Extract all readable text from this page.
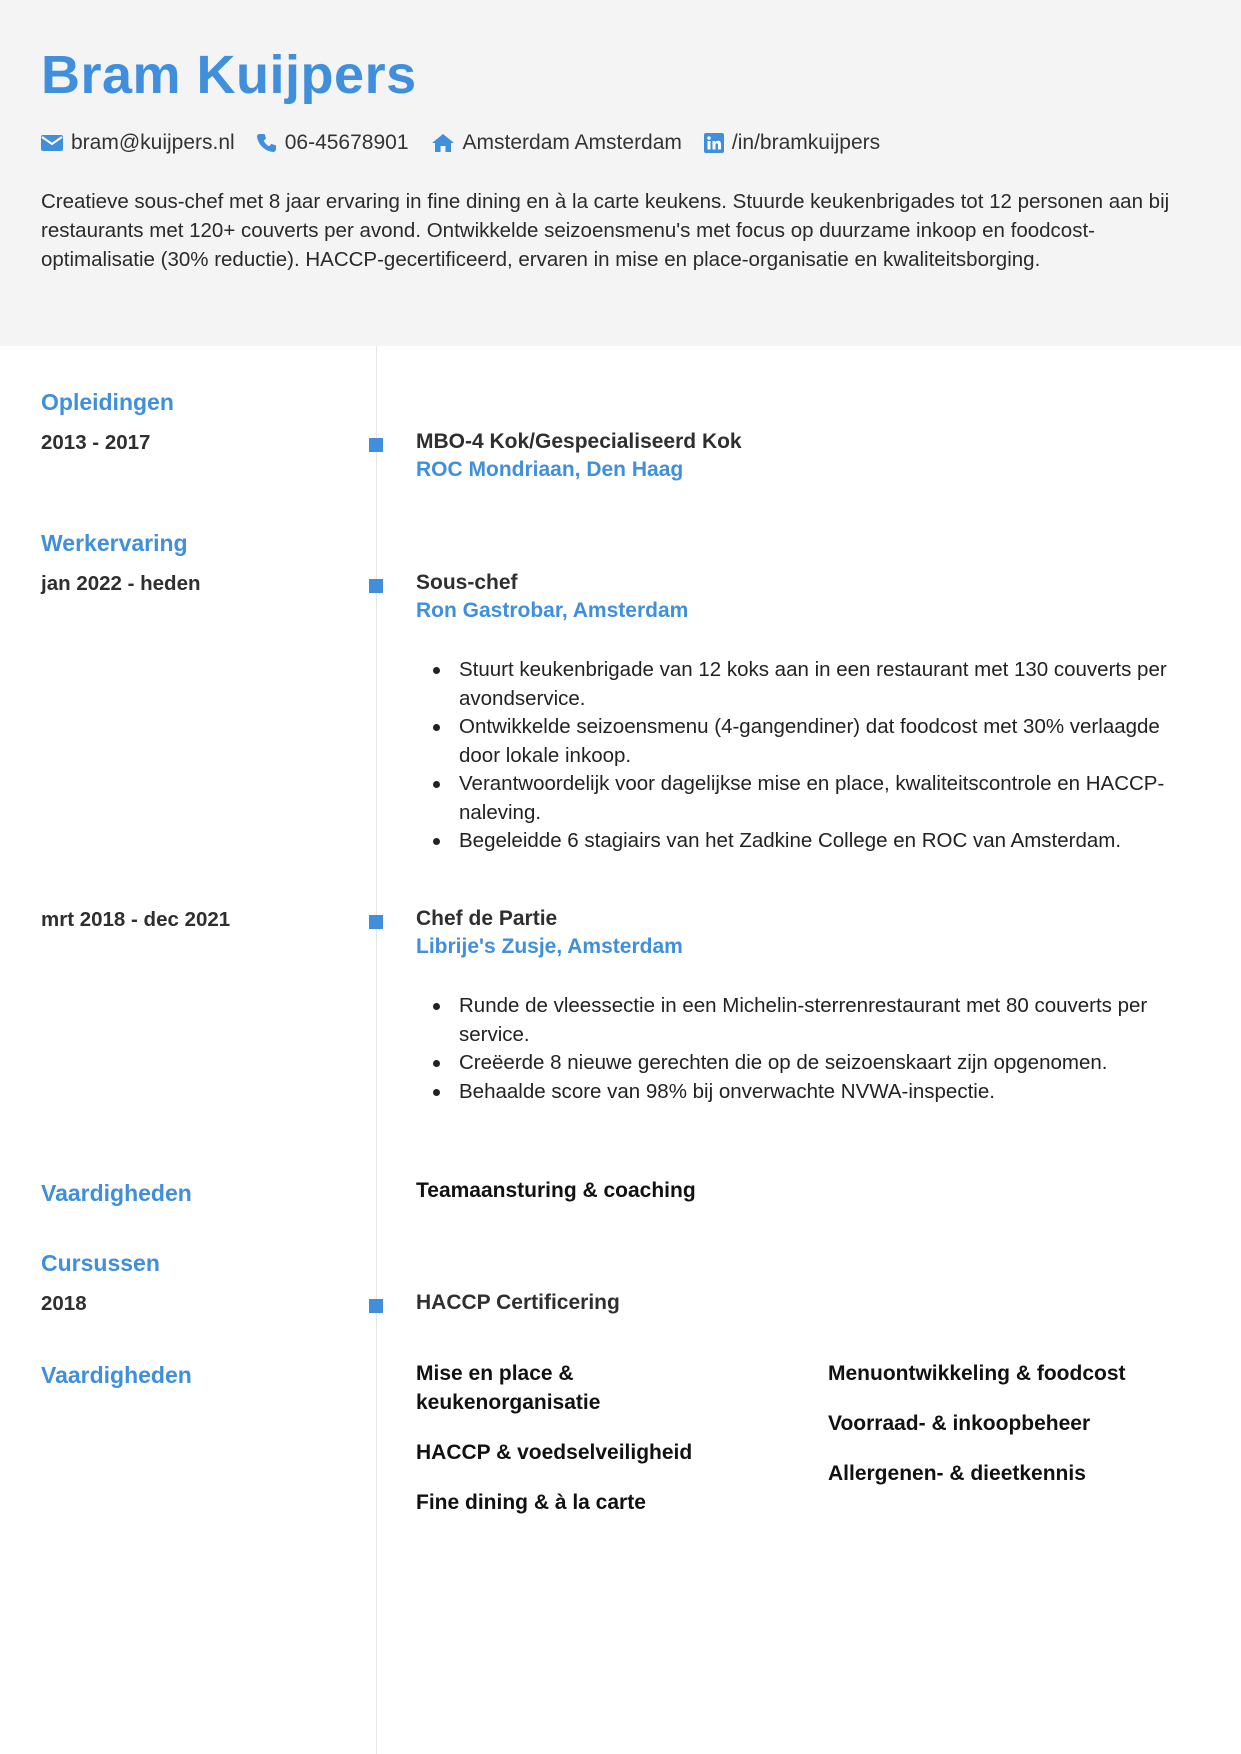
Bram Kuijpers
bram@kuijpers.nl 06-45678901	Amsterdam Amsterdam /in/bramkuijpers

Creatieve sous-chef met 8 jaar ervaring in fine dining en à la carte keukens. Stuurde keukenbrigades tot 12 personen aan bij restaurants met 120+ couverts per avond. Ontwikkelde seizoensmenu's met focus op duurzame inkoop en foodcost-optimalisatie (30% reductie). HACCP-gecertificeerd, ervaren in mise en place-organisatie en kwaliteitsborging.

Opleidingen
2013 - 2017	MBO-4 Kok/Gespecialiseerd Kok
ROC Mondriaan, Den Haag
Werkervaring
jan 2022 - heden	Sous-chef
Ron Gastrobar, Amsterdam
Stuurt keukenbrigade van 12 koks aan in een restaurant met 130 couverts per avondservice.
Ontwikkelde seizoensmenu (4-gangendiner) dat foodcost met 30% verlaagde door lokale inkoop.
Verantwoordelijk voor dagelijkse mise en place, kwaliteitscontrole en HACCP-naleving.
Begeleidde 6 stagiairs van het Zadkine College en ROC van Amsterdam.
mrt 2018 - dec 2021	Chef de Partie
Librije's Zusje, Amsterdam
Runde de vleessectie in een Michelin-sterrenrestaurant met 80 couverts per service.
Creëerde 8 nieuwe gerechten die op de seizoenskaart zijn opgenomen.
Behaalde score van 98% bij onverwachte NVWA-inspectie.
Vaardigheden	Teamaansturing & coaching
Cursussen
2018	HACCP Certificering
Vaardigheden	Mise en place & keukenorganisatie
HACCP & voedselveiligheid
Fine dining & à la carte
Menuontwikkeling & foodcost
Voorraad- & inkoopbeheer
Allergenen- & dieetkennis
